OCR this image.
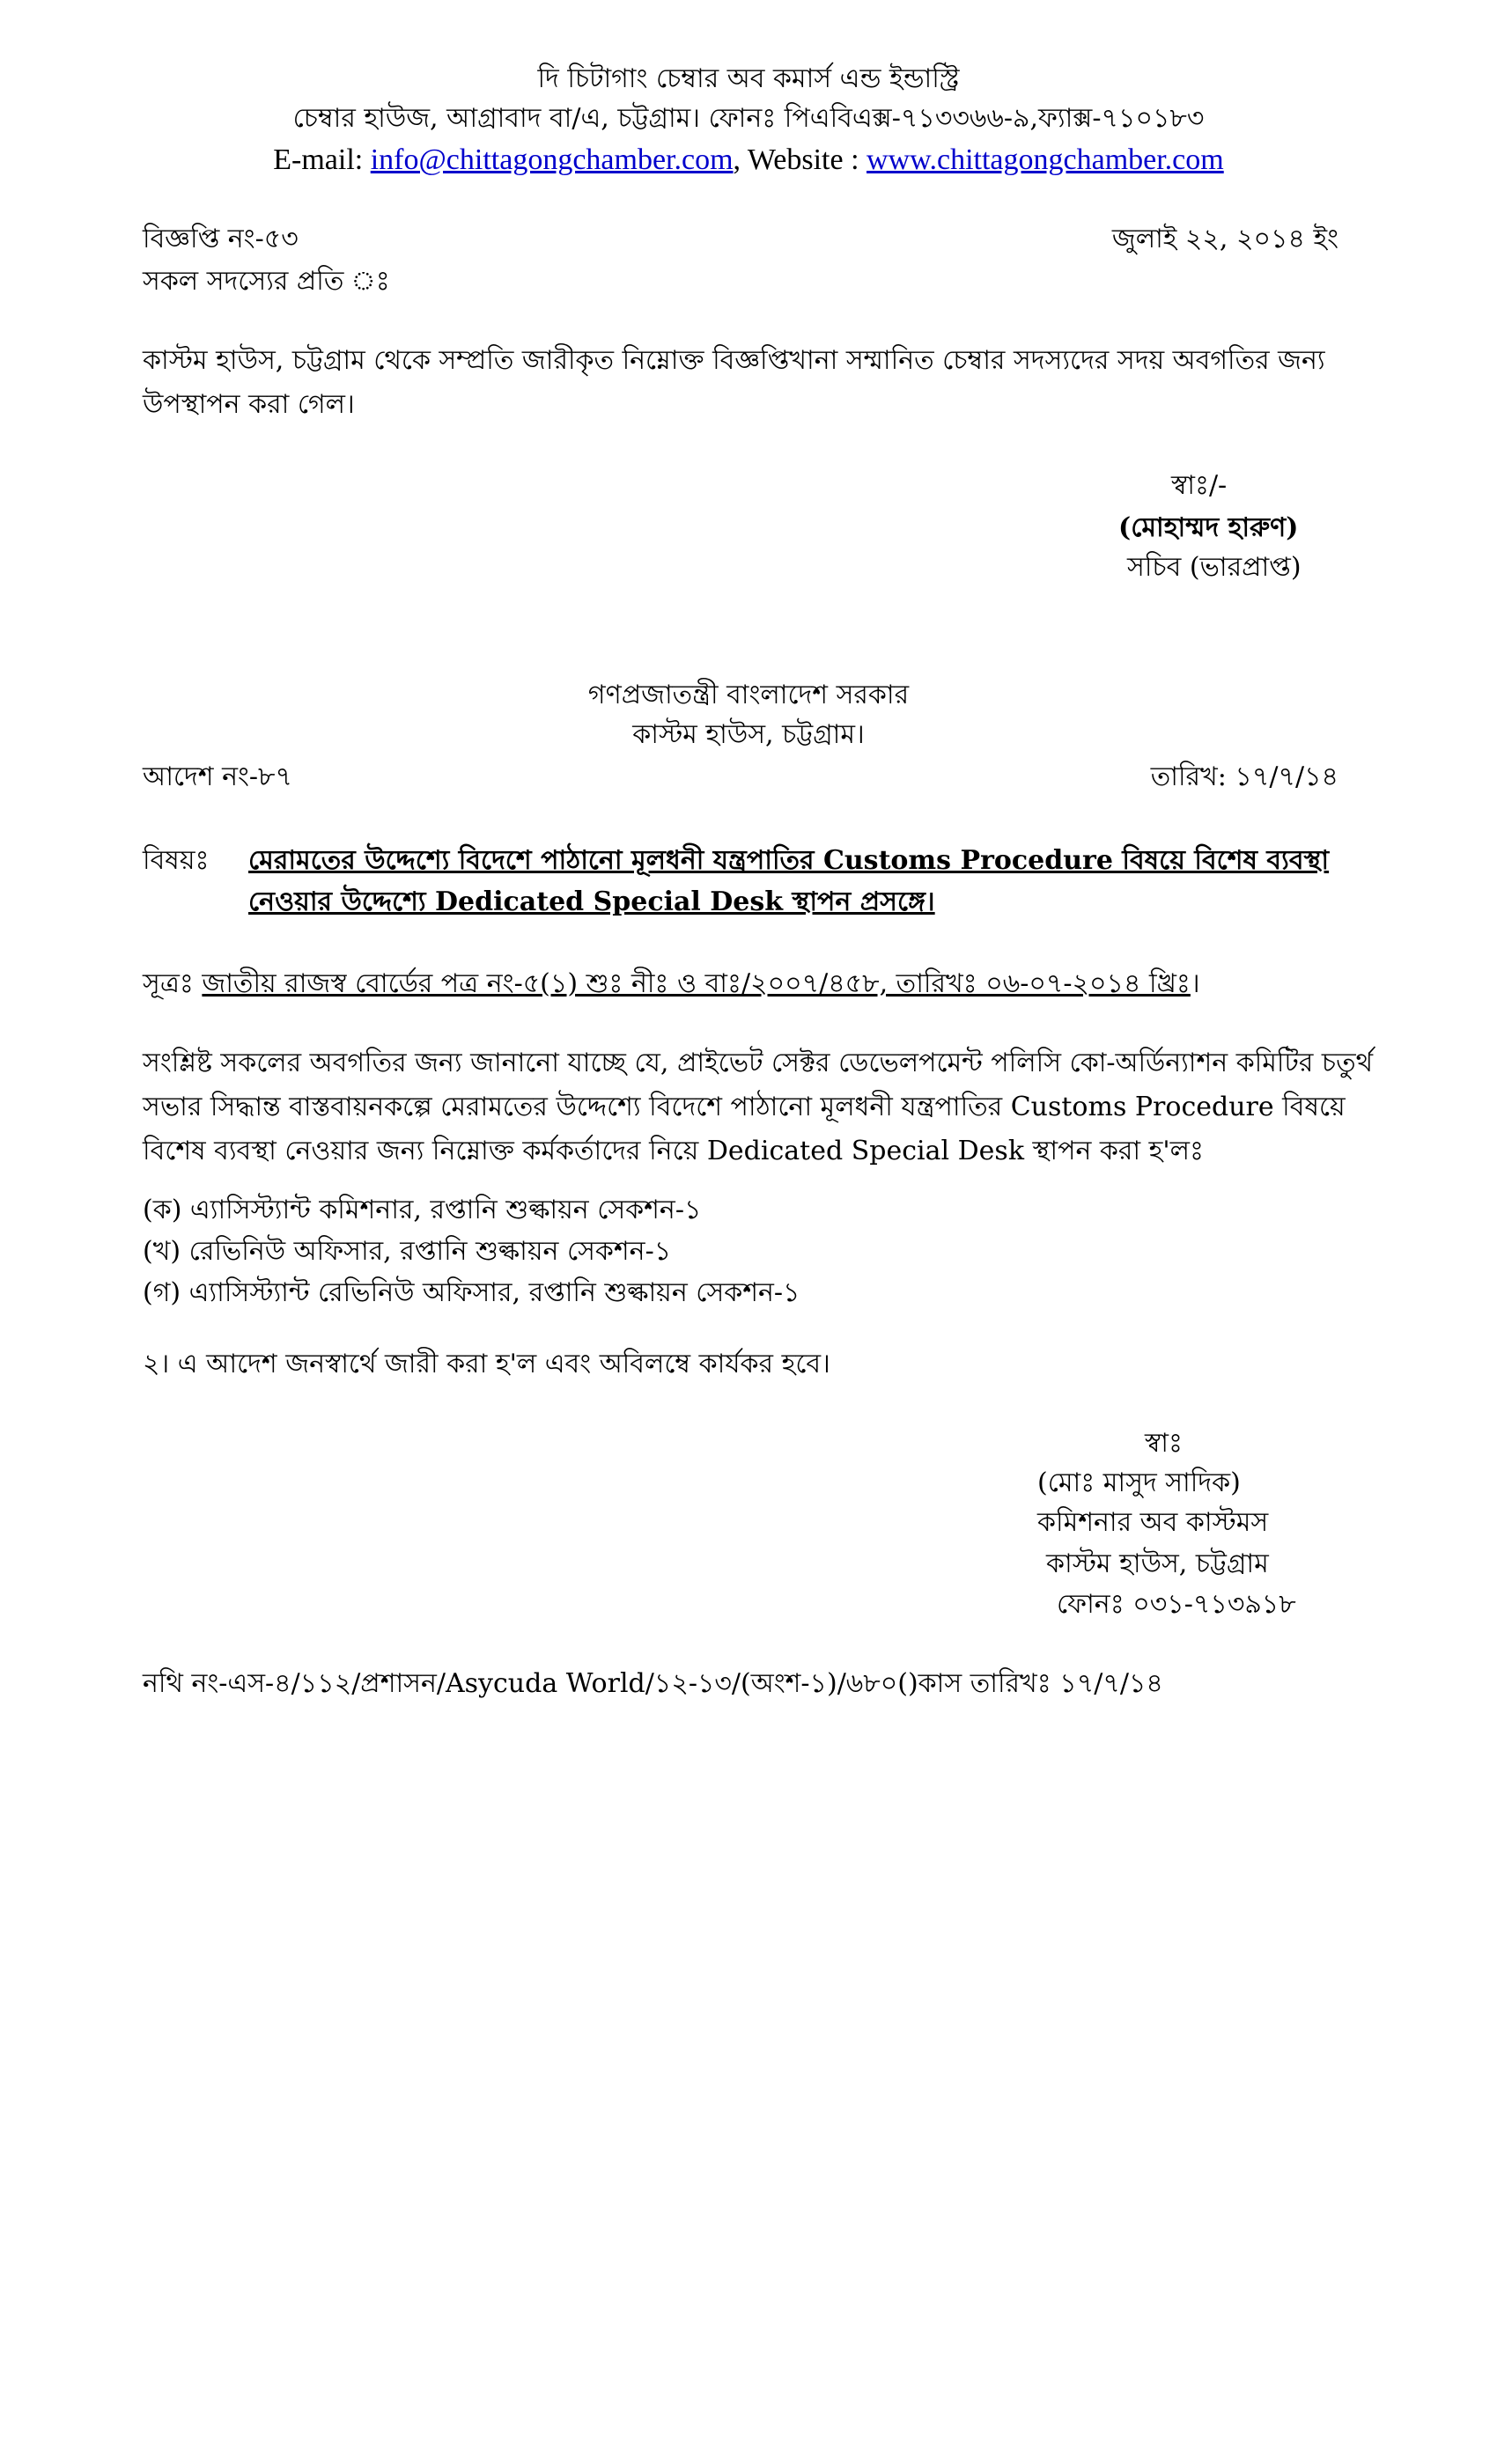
দি চিটাগাং চেম্বার অব কমার্স এন্ড ইন্ডাস্ট্রি
চেম্বার হাউজ, আগ্রাবাদ বা/এ, চট্টগ্রাম। ফোনঃ পিএবিএক্স-৭১৩৩৬৬-৯,ফ্যাক্স-৭১০১৮৩
E-mail: info@chittagongchamber.com, Website : www.chittagongchamber.com
বিজ্ঞপ্তি নং-৫৩	জুলাই ২২, ২০১৪ ইং
সকল সদস্যের প্রতি ঃ
কাস্টম হাউস, চট্টগ্রাম থেকে সম্প্রতি জারীকৃত নিম্নোক্ত বিজ্ঞপ্তিখানা সম্মানিত চেম্বার সদস্যদের সদয় অবগতির জন্য
উপস্থাপন করা গেল।
স্বাঃ/-
(মোহাম্মদ হারুণ)
সচিব (ভারপ্রাপ্ত)
গণপ্রজাতন্ত্রী বাংলাদেশ সরকার
কাস্টম হাউস, চট্টগ্রাম।
আদেশ নং-৮৭	তারিখ: ১৭/৭/১৪
বিষয়ঃ মেরামতের উদ্দেশ্যে বিদেশে পাঠানো মূলধনী যন্ত্রপাতির Customs Procedure বিষয়ে বিশেষ ব্যবস্থা
নেওয়ার উদ্দেশ্যে Dedicated Special Desk স্থাপন প্রসঙ্গে।
সূত্রঃ জাতীয় রাজস্ব বোর্ডের পত্র নং-৫(১) শুঃ নীঃ ও বাঃ/২০০৭/৪৫৮, তারিখঃ ০৬-০৭-২০১৪ খ্রিঃ।
সংশ্লিষ্ট সকলের অবগতির জন্য জানানো যাচ্ছে যে, প্রাইভেট সেক্টর ডেভেলপমেন্ট পলিসি কো-অর্ডিন্যাশন কমিটির চতুর্থ
সভার সিদ্ধান্ত বাস্তবায়নকল্পে মেরামতের উদ্দেশ্যে বিদেশে পাঠানো মূলধনী যন্ত্রপাতির Customs Procedure বিষয়ে
বিশেষ ব্যবস্থা নেওয়ার জন্য নিম্নোক্ত কর্মকর্তাদের নিয়ে Dedicated Special Desk স্থাপন করা হ'লঃ
(ক) এ্যাসিস্ট্যান্ট কমিশনার, রপ্তানি শুল্কায়ন সেকশন-১
(খ) রেভিনিউ অফিসার, রপ্তানি শুল্কায়ন সেকশন-১
(গ) এ্যাসিস্ট্যান্ট রেভিনিউ অফিসার, রপ্তানি শুল্কায়ন সেকশন-১
২। এ আদেশ জনস্বার্থে জারী করা হ'ল এবং অবিলম্বে কার্যকর হবে।
স্বাঃ
(মোঃ মাসুদ সাদিক)
কমিশনার অব কাস্টমস
কাস্টম হাউস, চট্টগ্রাম
ফোনঃ ০৩১-৭১৩৯১৮
নথি নং-এস-৪/১১২/প্রশাসন/Asycuda World/১২-১৩/(অংশ-১)/৬৮০()কাস তারিখঃ ১৭/৭/১৪
